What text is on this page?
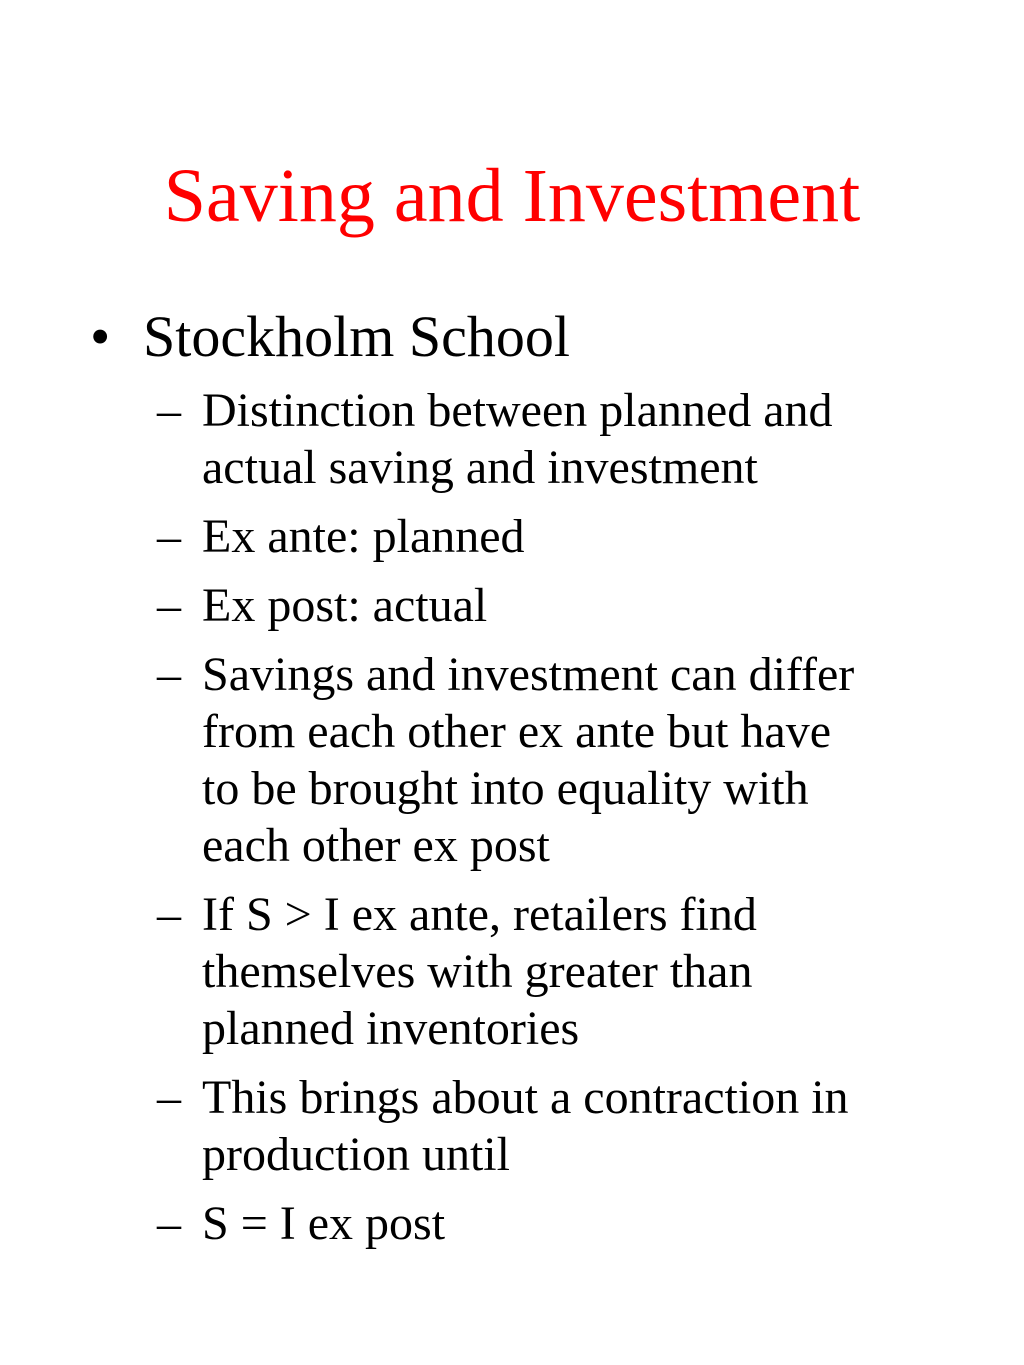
Saving and Investment
• Stockholm School
– Distinction between planned and
actual saving and investment
– Ex ante: planned
– Ex post: actual
– Savings and investment can differ
from each other ex ante but have
to be brought into equality with
each other ex post
– If S > I ex ante, retailers find
themselves with greater than
planned inventories
– This brings about a contraction in
production until
– S = I ex post
